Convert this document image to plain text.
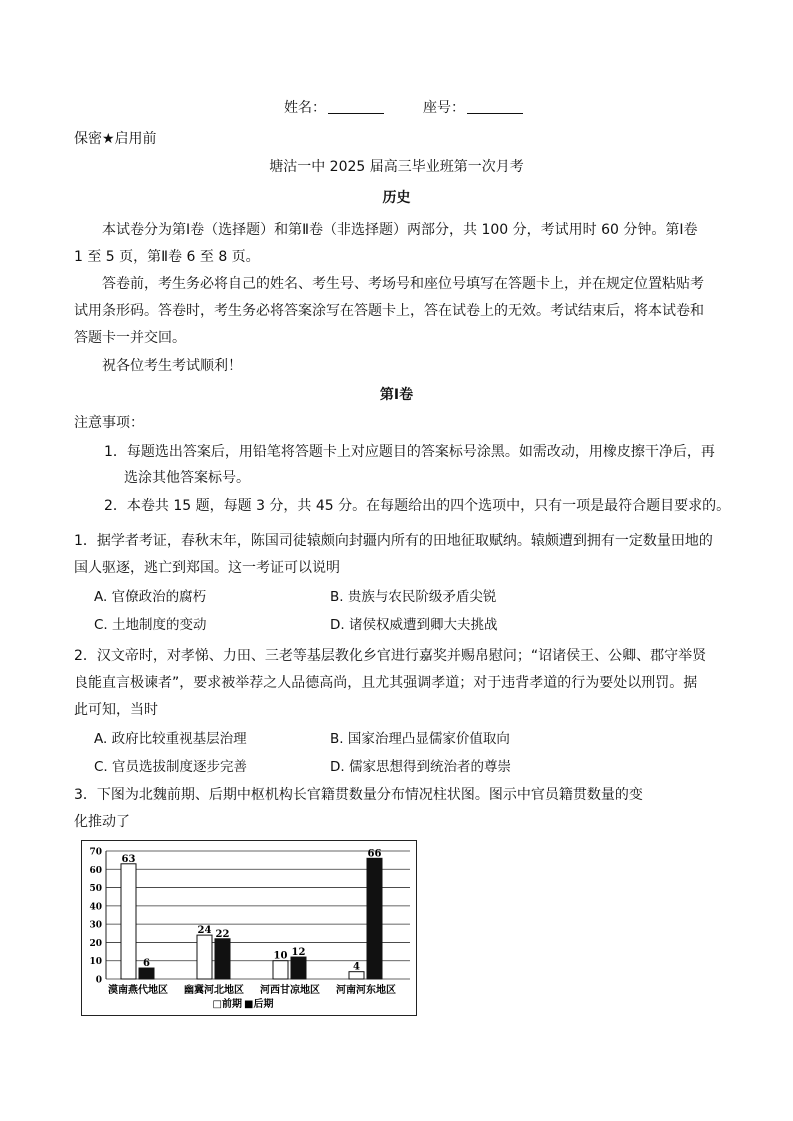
姓名：	座号：
保密★启用前
塘沽一中 2025 届高三毕业班第一次月考
历史
本试卷分为第Ⅰ卷（选择题）和第Ⅱ卷（非选择题）两部分，共 100 分，考试用时 60 分钟。第Ⅰ卷
1 至 5 页，第Ⅱ卷 6 至 8 页。
答卷前，考生务必将自己的姓名、考生号、考场号和座位号填写在答题卡上，并在规定位置粘贴考
试用条形码。答卷时，考生务必将答案涂写在答题卡上，答在试卷上的无效。考试结束后，将本试卷和
答题卡一并交回。
祝各位考生考试顺利！
第Ⅰ卷
注意事项：
1．每题选出答案后，用铅笔将答题卡上对应题目的答案标号涂黑。如需改动，用橡皮擦干净后，再
选涂其他答案标号。
2．本卷共 15 题，每题 3 分，共 45 分。在每题给出的四个选项中，只有一项是最符合题目要求的。
1．据学者考证，春秋末年，陈国司徒辕颇向封疆内所有的田地征取赋纳。辕颇遭到拥有一定数量田地的
国人驱逐，逃亡到郑国。这一考证可以说明
A. 官僚政治的腐朽	B. 贵族与农民阶级矛盾尖锐
C. 土地制度的变动	D. 诸侯权威遭到卿大夫挑战
2．汉文帝时，对孝悌、力田、三老等基层教化乡官进行嘉奖并赐帛慰问；“诏诸侯王、公卿、郡守举贤
良能直言极谏者”，要求被举荐之人品德高尚，且尤其强调孝道；对于违背孝道的行为要处以刑罚。据
此可知，当时
A. 政府比较重视基层治理	B. 国家治理凸显儒家价值取向
C. 官员选拔制度逐步完善	D. 儒家思想得到统治者的尊崇
3．下图为北魏前期、后期中枢机构长官籍贯数量分布情况柱状图。图示中官员籍贯数量的变
化推动了
70
60
50
40
30
20
10
0
63
6
漠南燕代地区
24 22
幽冀河北地区
10 12
河西甘凉地区
4
66
河南河东地区
□前期 ■后期
